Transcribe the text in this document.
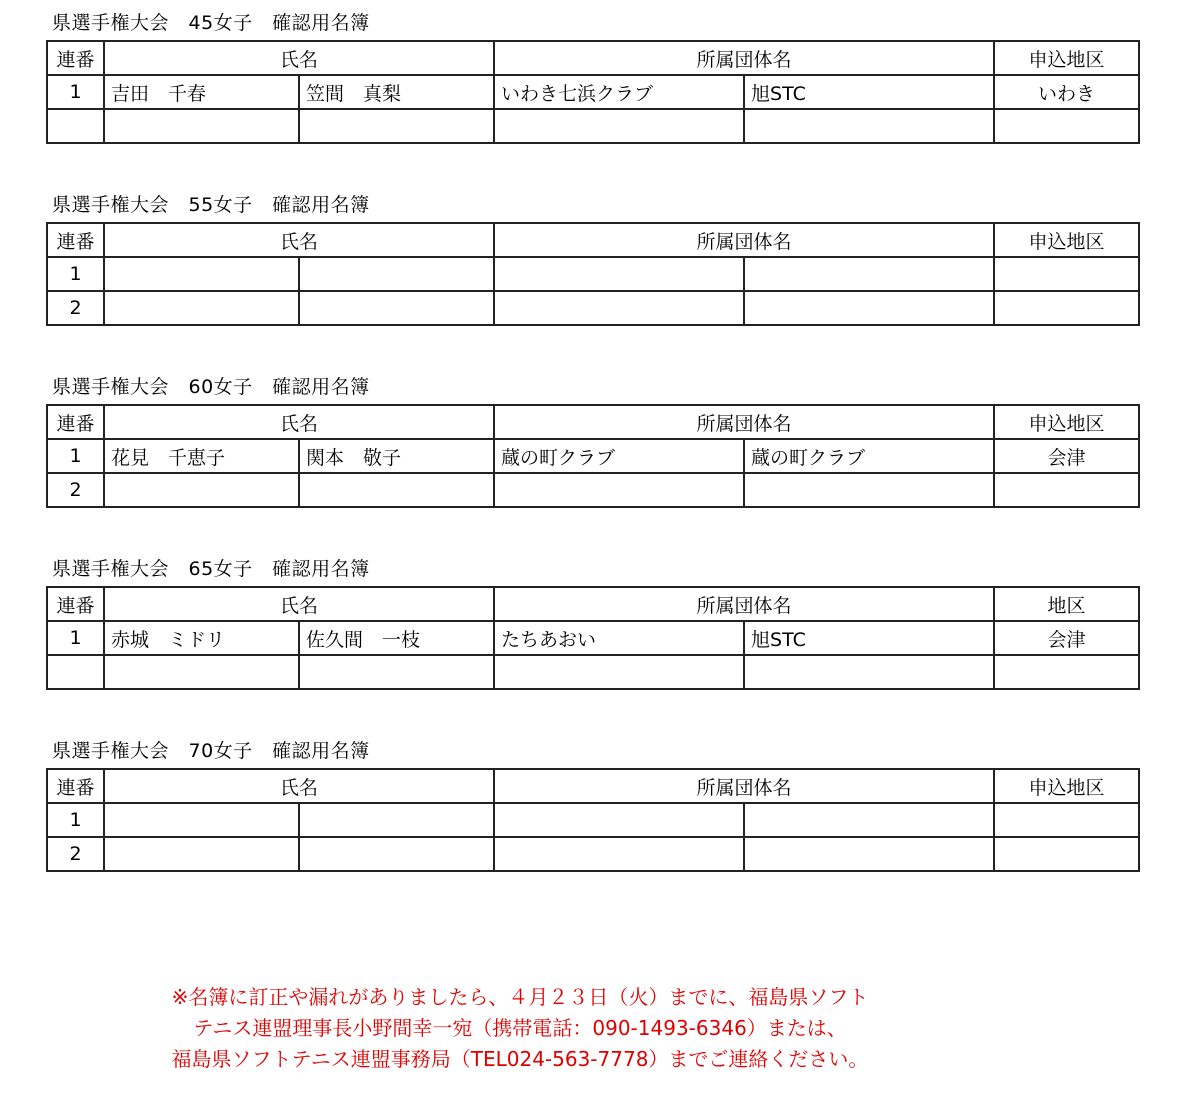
県選手権大会　45女子　確認用名簿
連番	氏名		所属団体名		申込地区
1	吉田　千春	笠間　真梨	いわき七浜クラブ	旭STC	いわき

県選手権大会　55女子　確認用名簿
連番	氏名		所属団体名		申込地区
1					
2					
県選手権大会　60女子　確認用名簿
連番	氏名		所属団体名		申込地区
1	花見　千恵子	関本　敬子	蔵の町クラブ	蔵の町クラブ	会津
2					
県選手権大会　65女子　確認用名簿
連番	氏名		所属団体名		地区
1	赤城　ミドリ	佐久間　一枝	たちあおい	旭STC	会津

県選手権大会　70女子　確認用名簿
連番	氏名		所属団体名		申込地区
1					
2					
※名簿に訂正や漏れがありましたら、４月２３日（火）までに、福島県ソフト
テニス連盟理事長小野間幸一宛（携帯電話：090-1493-6346）または、
福島県ソフトテニス連盟事務局（TEL024-563-7778）までご連絡ください。
